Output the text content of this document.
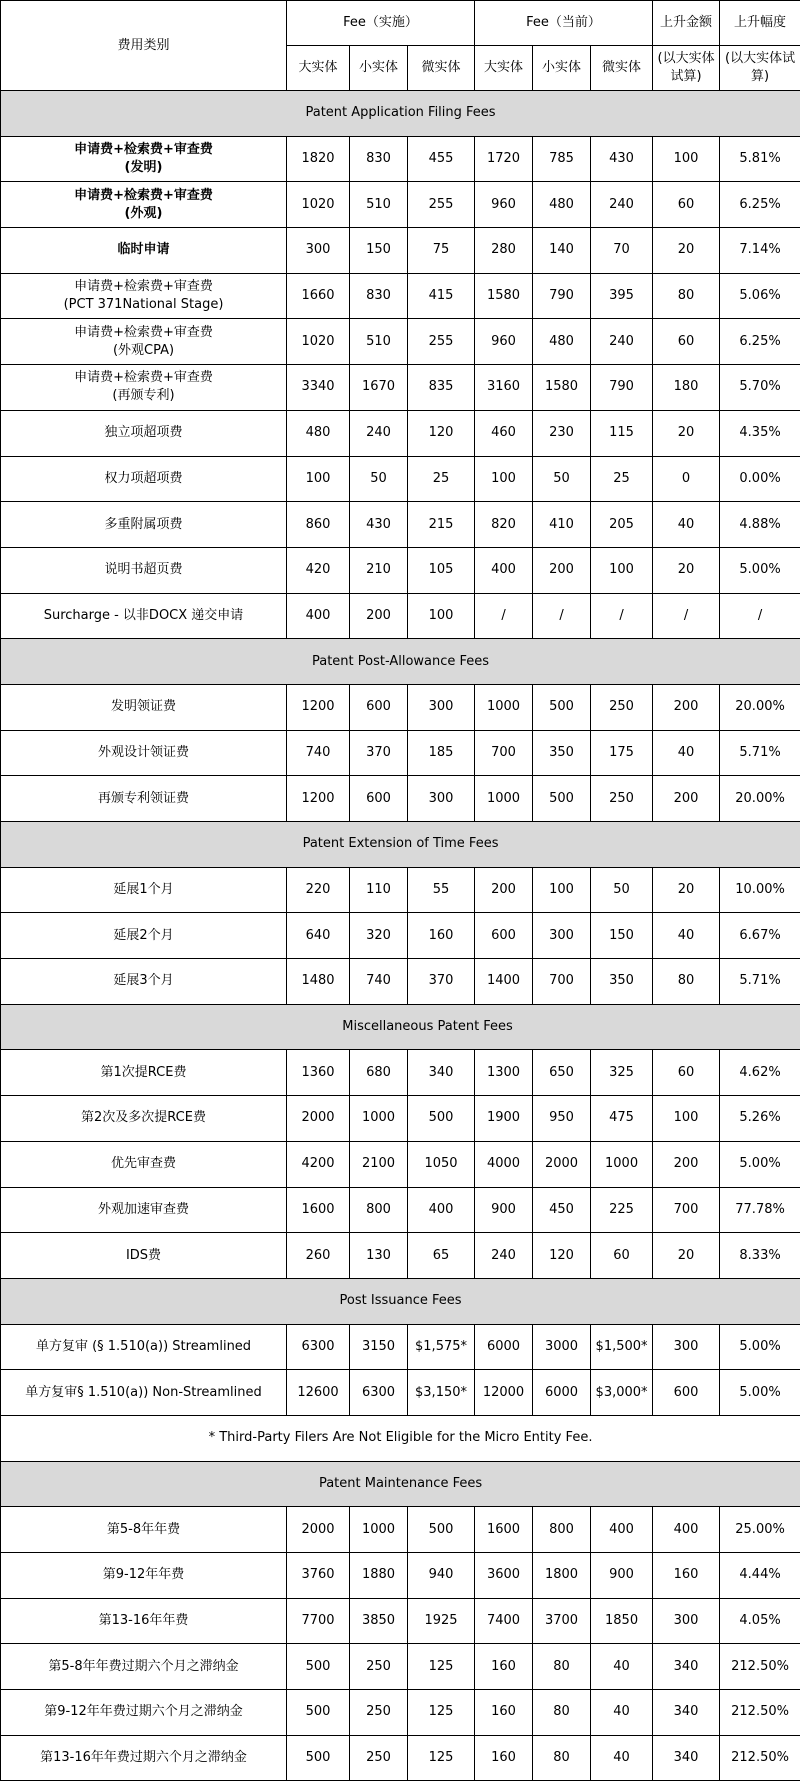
费用类别	Fee（实施）			Fee（当前）			上升金额	上升幅度
	大实体	小实体	微实体	大实体	小实体	微实体	(以大实体试算)	(以大实体试算)
Patent Application Filing Fees								

申请费+检索费+审查费
(发明)	1820	830	455	1720	785	430	100	5.81%

申请费+检索费+审查费
(外观)	1020	510	255	960	480	240	60	6.25%

临时申请	300	150	75	280	140	70	20	7.14%

申请费+检索费+审查费
(PCT 371National Stage)	1660	830	415	1580	790	395	80	5.06%

申请费+检索费+审查费
(外观CPA)	1020	510	255	960	480	240	60	6.25%

申请费+检索费+审查费
(再颁专利)	3340	1670	835	3160	1580	790	180	5.70%

独立项超项费	480	240	120	460	230	115	20	4.35%

权力项超项费	100	50	25	100	50	25	0	0.00%

多重附属项费	860	430	215	820	410	205	40	4.88%

说明书超页费	420	210	105	400	200	100	20	5.00%

Surcharge - 以非DOCX 递交申请	400	200	100	/	/	/	/	/
Patent Post-Allowance Fees								

发明领证费	1200	600	300	1000	500	250	200	20.00%

外观设计领证费	740	370	185	700	350	175	40	5.71%

再颁专利领证费	1200	600	300	1000	500	250	200	20.00%
Patent Extension of Time Fees								

延展1个月	220	110	55	200	100	50	20	10.00%

延展2个月	640	320	160	600	300	150	40	6.67%

延展3个月	1480	740	370	1400	700	350	80	5.71%
Miscellaneous Patent Fees								

第1次提RCE费	1360	680	340	1300	650	325	60	4.62%

第2次及多次提RCE费	2000	1000	500	1900	950	475	100	5.26%

优先审查费	4200	2100	1050	4000	2000	1000	200	5.00%

外观加速审查费	1600	800	400	900	450	225	700	77.78%

IDS费	260	130	65	240	120	60	20	8.33%
Post Issuance Fees								

单方复审 (§ 1.510(a)) Streamlined	6300	3150	$1,575*	6000	3000	$1,500*	300	5.00%

单方复审§ 1.510(a)) Non-Streamlined	12600	6300	$3,150*	12000	6000	$3,000*	600	5.00%
* Third-Party Filers Are Not Eligible for the Micro Entity Fee.								
Patent Maintenance Fees								

第5-8年年费	2000	1000	500	1600	800	400	400	25.00%

第9-12年年费	3760	1880	940	3600	1800	900	160	4.44%

第13-16年年费	7700	3850	1925	7400	3700	1850	300	4.05%

第5-8年年费过期六个月之滞纳金	500	250	125	160	80	40	340	212.50%

第9-12年年费过期六个月之滞纳金	500	250	125	160	80	40	340	212.50%

第13-16年年费过期六个月之滞纳金	500	250	125	160	80	40	340	212.50%
